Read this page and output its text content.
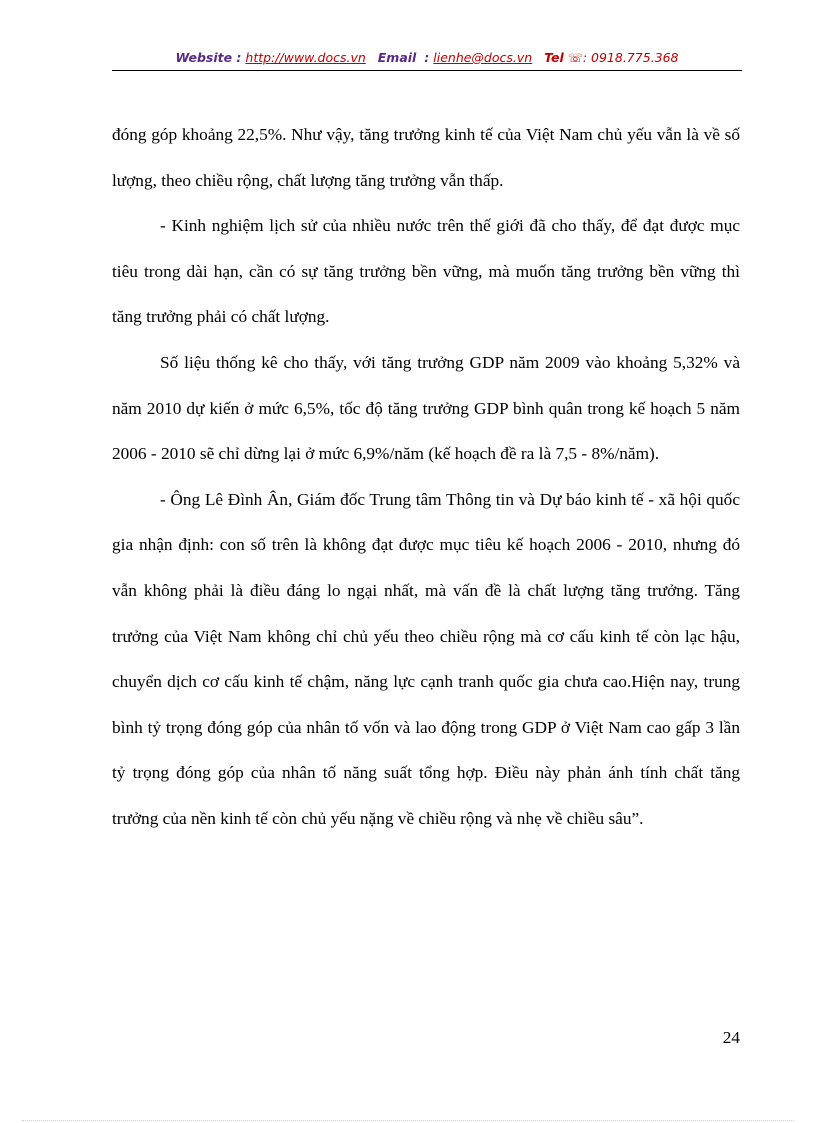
Website : http://www.docs.vn Email : lienhe@docs.vn Tel ☏: 0918.775.368

đóng góp khoảng 22,5%. Như vậy, tăng trưởng kinh tế của Việt Nam chủ yếu vẫn là về số lượng, theo chiều rộng, chất lượng tăng trưởng vẫn thấp.

- Kinh nghiệm lịch sử của nhiều nước trên thế giới đã cho thấy, để đạt được mục tiêu trong dài hạn, cần có sự tăng trưởng bền vững, mà muốn tăng trưởng bền vững thì tăng trưởng phải có chất lượng.

Số liệu thống kê cho thấy, với tăng trưởng GDP năm 2009 vào khoảng 5,32% và năm 2010 dự kiến ở mức 6,5%, tốc độ tăng trưởng GDP bình quân trong kế hoạch 5 năm 2006 - 2010 sẽ chỉ dừng lại ở mức 6,9%/năm (kế hoạch đề ra là 7,5 - 8%/năm).

- Ông Lê Đình Ân, Giám đốc Trung tâm Thông tin và Dự báo kinh tế - xã hội quốc gia nhận định: con số trên là không đạt được mục tiêu kế hoạch 2006 - 2010, nhưng đó vẫn không phải là điều đáng lo ngại nhất, mà vấn đề là chất lượng tăng trưởng. Tăng trưởng của Việt Nam không chỉ chủ yếu theo chiều rộng mà cơ cấu kinh tế còn lạc hậu, chuyển dịch cơ cấu kinh tế chậm, năng lực cạnh tranh quốc gia chưa cao.Hiện nay, trung bình tỷ trọng đóng góp của nhân tố vốn và lao động trong GDP ở Việt Nam cao gấp 3 lần tỷ trọng đóng góp của nhân tố năng suất tổng hợp. Điều này phản ánh tính chất tăng trưởng của nền kinh tế còn chủ yếu nặng về chiều rộng và nhẹ về chiều sâu”.

24
